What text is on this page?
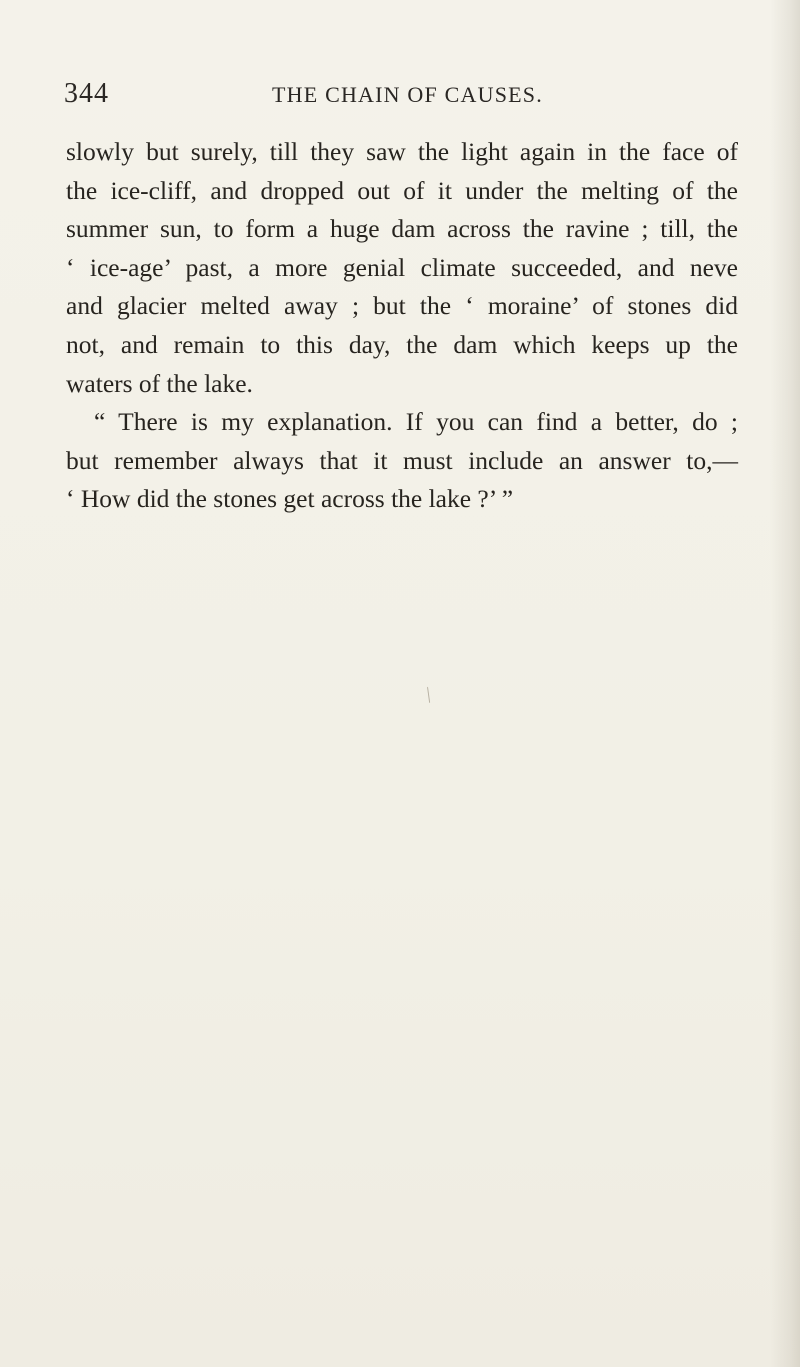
344	THE CHAIN OF CAUSES.
slowly but surely, till they saw the light again in the face of
the ice-cliff, and dropped out of it under the melting of the
summer sun, to form a huge dam across the ravine ; till, the
‘ ice-age’ past, a more genial climate succeeded, and neve
and glacier melted away ; but the ‘ moraine’ of stones did
not, and remain to this day, the dam which keeps up the
waters of the lake.
“ There is my explanation. If you can find a better, do ;
but remember always that it must include an answer to,—
‘ How did the stones get across the lake ?’ ”
╱
